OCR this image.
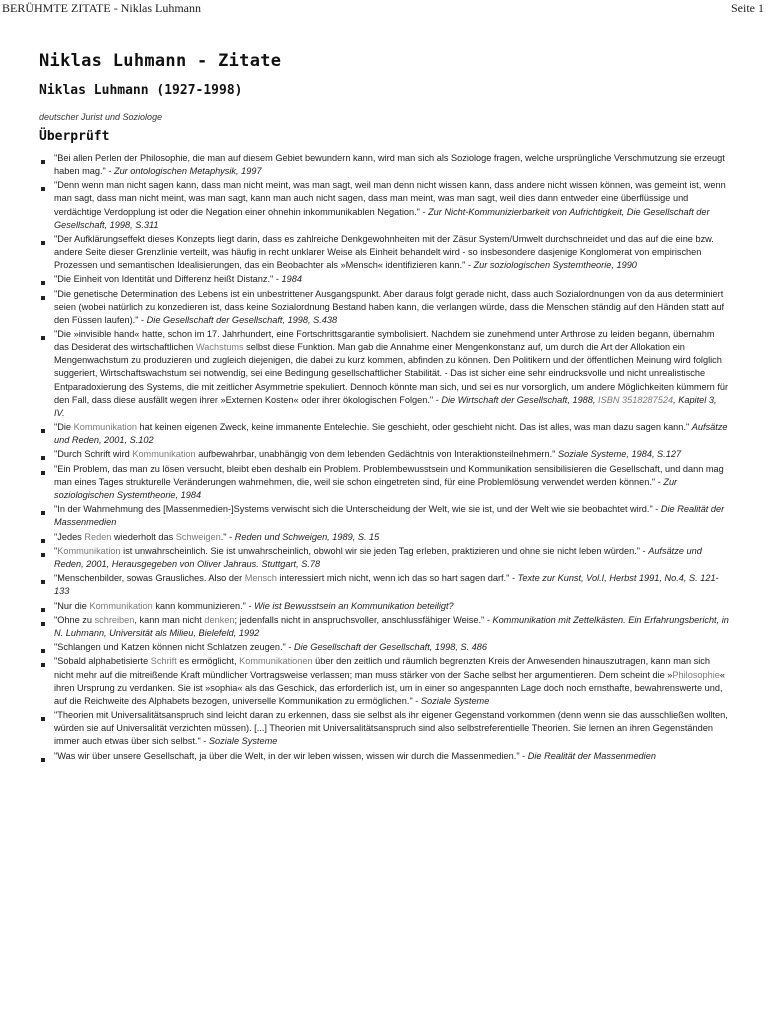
BERÜHMTE ZITATE - Niklas Luhmann	Seite 1
Niklas Luhmann - Zitate
Niklas Luhmann (1927-1998)
deutscher Jurist und Soziologe
Überprüft
"Bei allen Perlen der Philosophie, die man auf diesem Gebiet bewundern kann, wird man sich als Soziologe fragen, welche ursprüngliche Verschmutzung sie erzeugt haben mag." - Zur ontologischen Metaphysik, 1997
"Denn wenn man nicht sagen kann, dass man nicht meint, was man sagt, weil man denn nicht wissen kann, dass andere nicht wissen können, was gemeint ist, wenn man sagt, dass man nicht meint, was man sagt, kann man auch nicht sagen, dass man meint, was man sagt, weil dies dann entweder eine überflüssige und verdächtige Verdopplung ist oder die Negation einer ohnehin inkommunikablen Negation." - Zur Nicht-Kommunizierbarkeit von Aufrichtigkeit, Die Gesellschaft der Gesellschaft, 1998, S.311
"Der Aufklärungseffekt dieses Konzepts liegt darin, dass es zahlreiche Denkgewohnheiten mit der Zäsur System/Umwelt durchschneidet und das auf die eine bzw. andere Seite dieser Grenzlinie verteilt, was häufig in recht unklarer Weise als Einheit behandelt wird - so insbesondere dasjenige Konglomerat von empirischen Prozessen und semantischen Idealisierungen, das ein Beobachter als »Mensch« identifizieren kann." - Zur soziologischen Systemtheorie, 1990
"Die Einheit von Identität und Differenz heißt Distanz." - 1984
"Die genetische Determination des Lebens ist ein unbestrittener Ausgangspunkt. Aber daraus folgt gerade nicht, dass auch Sozialordnungen von da aus determiniert seien (wobei natürlich zu konzedieren ist, dass keine Sozialordnung Bestand haben kann, die verlangen würde, dass die Menschen ständig auf den Händen statt auf den Füssen laufen)." - Die Gesellschaft der Gesellschaft, 1998, S.438
"Die »invisible hand« hatte, schon im 17. Jahrhundert, eine Fortschrittsgarantie symbolisiert. Nachdem sie zunehmend unter Arthrose zu leiden begann, übernahm das Desiderat des wirtschaftlichen Wachstums selbst diese Funktion. Man gab die Annahme einer Mengenkonstanz auf, um durch die Art der Allokation ein Mengenwachstum zu produzieren und zugleich diejenigen, die dabei zu kurz kommen, abfinden zu können. Den Politikern und der öffentlichen Meinung wird folglich suggeriert, Wirtschaftswachstum sei notwendig, sei eine Bedingung gesellschaftlicher Stabilität. - Das ist sicher eine sehr eindrucksvolle und nicht unrealistische Entparadoxierung des Systems, die mit zeitlicher Asymmetrie spekuliert. Dennoch könnte man sich, und sei es nur vorsorglich, um andere Möglichkeiten kümmern für den Fall, dass diese ausfällt wegen ihrer »Externen Kosten« oder ihrer ökologischen Folgen." - Die Wirtschaft der Gesellschaft, 1988, ISBN 3518287524, Kapitel 3, IV.
"Die Kommunikation hat keinen eigenen Zweck, keine immanente Entelechie. Sie geschieht, oder geschieht nicht. Das ist alles, was man dazu sagen kann." Aufsätze und Reden, 2001, S.102
"Durch Schrift wird Kommunikation aufbewahrbar, unabhängig von dem lebenden Gedächtnis von Interaktionsteilnehmern." Soziale Systeme, 1984, S.127
"Ein Problem, das man zu lösen versucht, bleibt eben deshalb ein Problem. Problembewusstsein und Kommunikation sensibilisieren die Gesellschaft, und dann mag man eines Tages strukturelle Veränderungen wahrnehmen, die, weil sie schon eingetreten sind, für eine Problemlösung verwendet werden können." - Zur soziologischen Systemtheorie, 1984
"In der Wahrnehmung des [Massenmedien-]Systems verwischt sich die Unterscheidung der Welt, wie sie ist, und der Welt wie sie beobachtet wird." - Die Realität der Massenmedien
"Jedes Reden wiederholt das Schweigen." - Reden und Schweigen, 1989, S. 15
"Kommunikation ist unwahrscheinlich. Sie ist unwahrscheinlich, obwohl wir sie jeden Tag erleben, praktizieren und ohne sie nicht leben würden." - Aufsätze und Reden, 2001, Herausgegeben von Oliver Jahraus. Stuttgart, S.78
"Menschenbilder, sowas Grausliches. Also der Mensch interessiert mich nicht, wenn ich das so hart sagen darf." - Texte zur Kunst, Vol.I, Herbst 1991, No.4, S. 121-133
"Nur die Kommunikation kann kommunizieren." - Wie ist Bewusstsein an Kommunikation beteiligt?
"Ohne zu schreiben, kann man nicht denken; jedenfalls nicht in anspruchsvoller, anschlussfähiger Weise." - Kommunikation mit Zettelkästen. Ein Erfahrungsbericht, in N. Luhmann, Universität als Milieu, Bielefeld, 1992
"Schlangen und Katzen können nicht Schlatzen zeugen." - Die Gesellschaft der Gesellschaft, 1998, S. 486
"Sobald alphabetisierte Schrift es ermöglicht, Kommunikationen über den zeitlich und räumlich begrenzten Kreis der Anwesenden hinauszutragen, kann man sich nicht mehr auf die mitreißende Kraft mündlicher Vortragsweise verlassen; man muss stärker von der Sache selbst her argumentieren. Dem scheint die »Philosophie« ihren Ursprung zu verdanken. Sie ist »sophia« als das Geschick, das erforderlich ist, um in einer so angespannten Lage doch noch ernsthafte, bewahrenswerte und, auf die Reichweite des Alphabets bezogen, universelle Kommunikation zu ermöglichen." - Soziale Systeme
"Theorien mit Universalitätsanspruch sind leicht daran zu erkennen, dass sie selbst als ihr eigener Gegenstand vorkommen (denn wenn sie das ausschließen wollten, würden sie auf Universalität verzichten müssen). [...] Theorien mit Universalitätsanspruch sind also selbstreferentielle Theorien. Sie lernen an ihren Gegenständen immer auch etwas über sich selbst." - Soziale Systeme
"Was wir über unsere Gesellschaft, ja über die Welt, in der wir leben wissen, wissen wir durch die Massenmedien." - Die Realität der Massenmedien
